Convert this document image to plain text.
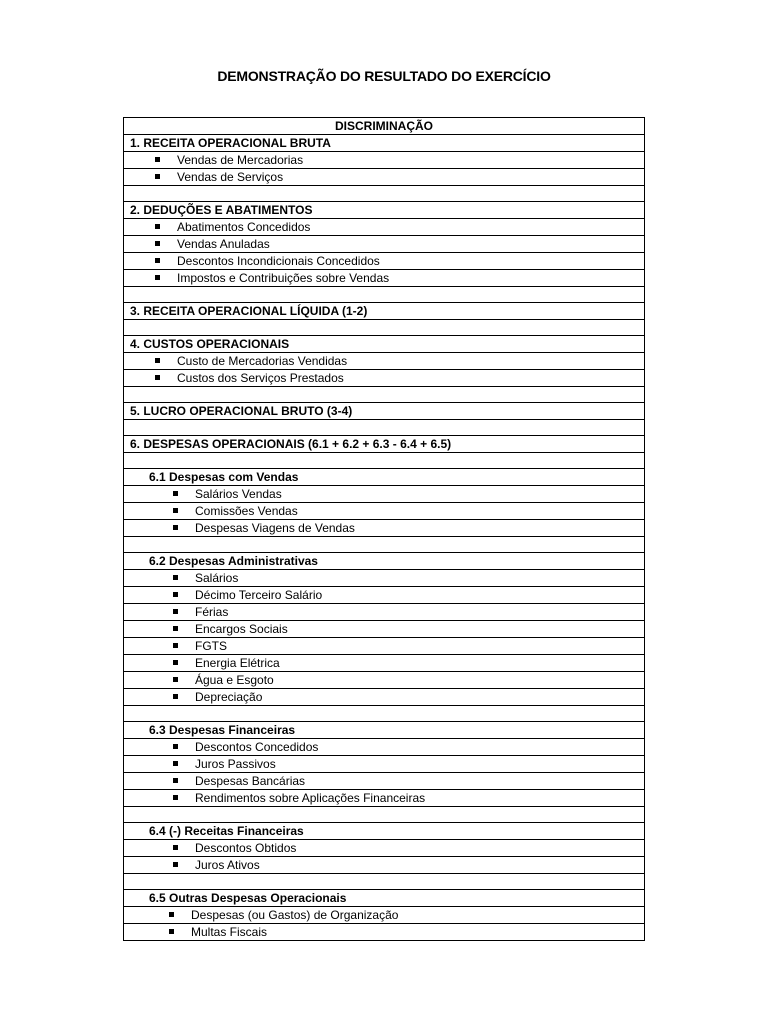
DEMONSTRAÇÃO DO RESULTADO DO EXERCÍCIO
DISCRIMINAÇÃO
1. RECEITA OPERACIONAL BRUTA
Vendas de Mercadorias
Vendas de Serviços

2. DEDUÇÕES E ABATIMENTOS
Abatimentos Concedidos
Vendas Anuladas
Descontos Incondicionais Concedidos
Impostos e Contribuições sobre Vendas

3. RECEITA OPERACIONAL LÍQUIDA (1-2)

4. CUSTOS OPERACIONAIS
Custo de Mercadorias Vendidas
Custos dos Serviços Prestados

5. LUCRO OPERACIONAL BRUTO (3-4)

6. DESPESAS OPERACIONAIS (6.1 + 6.2 + 6.3 - 6.4 + 6.5)

6.1 Despesas com Vendas
Salários Vendas
Comissões Vendas
Despesas Viagens de Vendas

6.2 Despesas Administrativas
Salários
Décimo Terceiro Salário
Férias
Encargos Sociais
FGTS
Energia Elétrica
Água e Esgoto
Depreciação

6.3 Despesas Financeiras
Descontos Concedidos
Juros Passivos
Despesas Bancárias
Rendimentos sobre Aplicações Financeiras

6.4 (-) Receitas Financeiras
Descontos Obtidos
Juros Ativos

6.5 Outras Despesas Operacionais
Despesas (ou Gastos) de Organização
Multas Fiscais
